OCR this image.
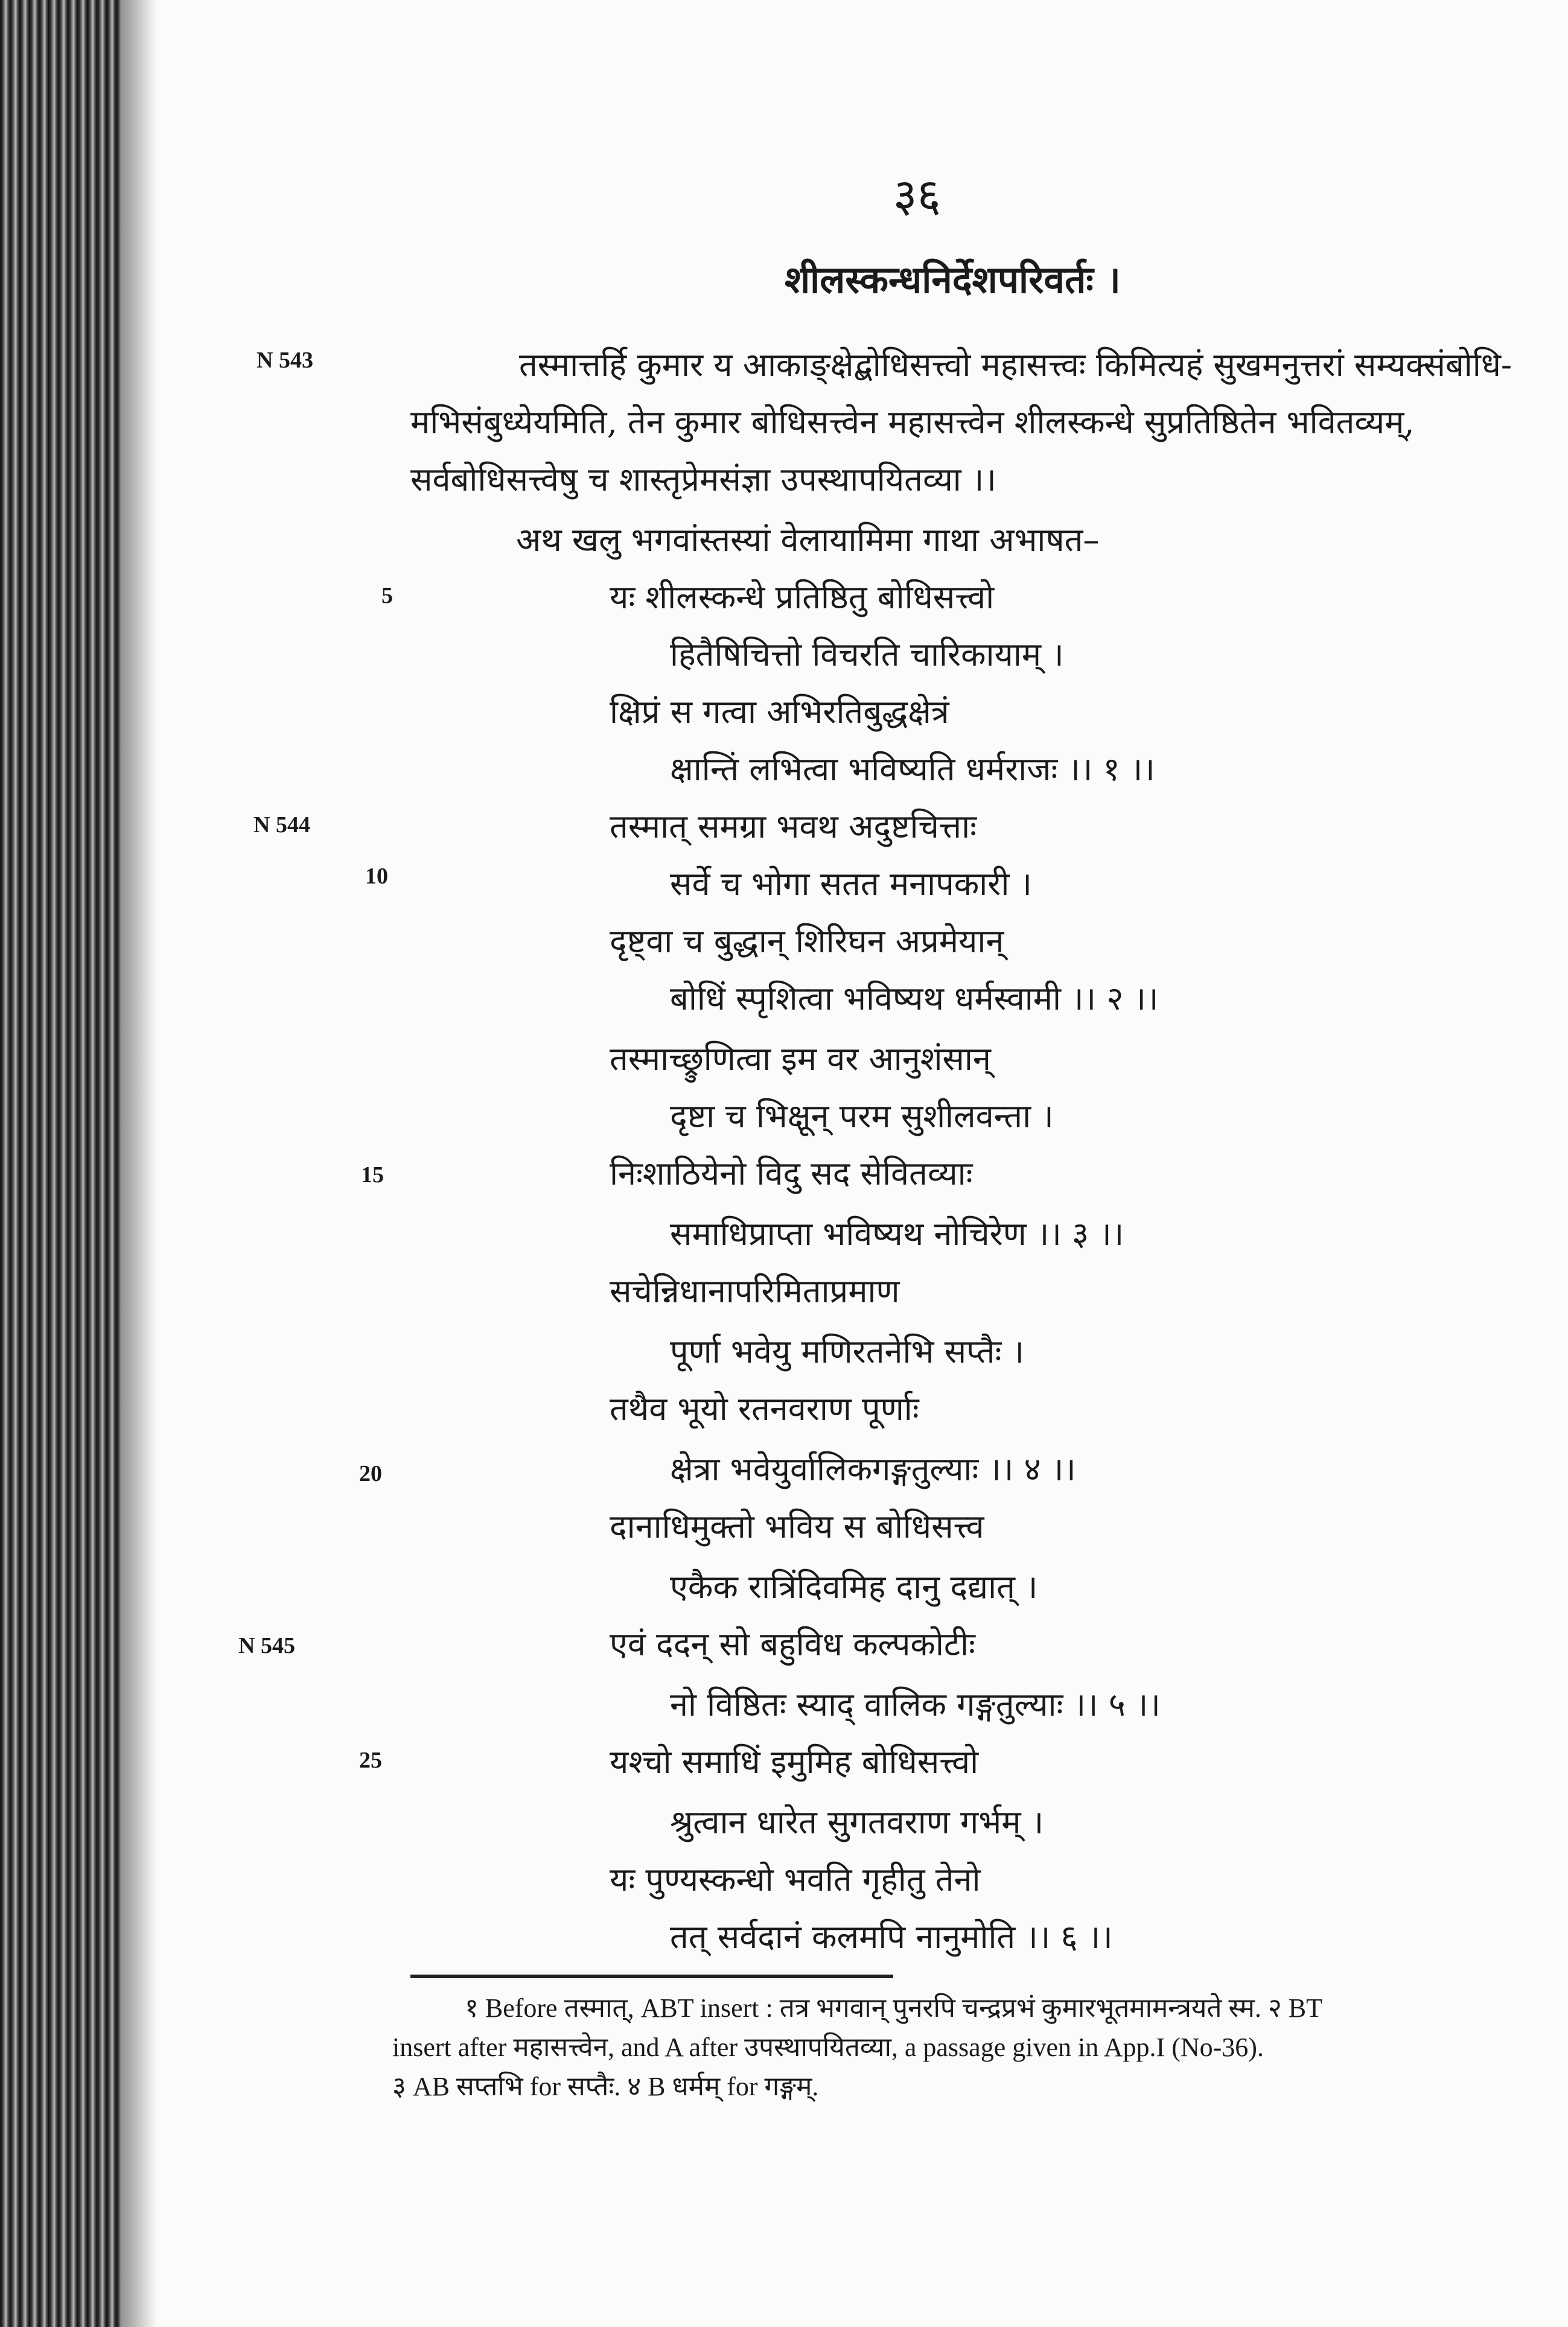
३६
शीलस्कन्धनिर्देशपरिवर्तः ।
N 543
N 544
N 545
5
10
15
20
25
तस्मात्तर्हि कुमार य आकाङ्क्षेद्बोधिसत्त्वो महासत्त्वः किमित्यहं सुखमनुत्तरां सम्यक्संबोधि-
मभिसंबुध्येयमिति, तेन कुमार बोधिसत्त्वेन महासत्त्वेन शीलस्कन्धे सुप्रतिष्ठितेन भवितव्यम्,
सर्वबोधिसत्त्वेषु च शास्तृप्रेमसंज्ञा उपस्थापयितव्या ।।
अथ खलु भगवांस्तस्यां वेलायामिमा गाथा अभाषत–
यः शीलस्कन्धे प्रतिष्ठितु बोधिसत्त्वो
हितैषिचित्तो विचरति चारिकायाम् ।
क्षिप्रं स गत्वा अभिरतिबुद्धक्षेत्रं
क्षान्तिं लभित्वा भविष्यति धर्मराजः ।। १ ।।
तस्मात् समग्रा भवथ अदुष्टचित्ताः
सर्वे च भोगा सतत मनापकारी ।
दृष्ट्वा च बुद्धान् शिरिघन अप्रमेयान्
बोधिं स्पृशित्वा भविष्यथ धर्मस्वामी ।। २ ।।
तस्माच्छ्रुणित्वा इम वर आनुशंसान्
दृष्टा च भिक्षून् परम सुशीलवन्ता ।
निःशाठियेनो विदु सद सेवितव्याः
समाधिप्राप्ता भविष्यथ नोचिरेण ।। ३ ।।
सचेन्निधानापरिमिताप्रमाण
पूर्णा भवेयु मणिरतनेभि सप्तैः ।
तथैव भूयो रतनवराण पूर्णाः
क्षेत्रा भवेयुर्वालिकगङ्गतुल्याः ।। ४ ।।
दानाधिमुक्तो भविय स बोधिसत्त्व
एकैक रात्रिंदिवमिह दानु दद्यात् ।
एवं ददन् सो बहुविध कल्पकोटीः
नो विष्ठितः स्याद् वालिक गङ्गतुल्याः ।। ५ ।।
यश्चो समाधिं इमुमिह बोधिसत्त्वो
श्रुत्वान धारेत सुगतवराण गर्भम् ।
यः पुण्यस्कन्धो भवति गृहीतु तेनो
तत् सर्वदानं कलमपि नानुमोति ।। ६ ।।
१ Before तस्मात्, ABT insert : तत्र भगवान् पुनरपि चन्द्रप्रभं कुमारभूतमामन्त्रयते स्म. २ BT
insert after महासत्त्वेन, and A after उपस्थापयितव्या, a passage given in App.I (No-36).
३ AB सप्तभि for सप्तैः. ४ B धर्मम् for गङ्गम्.
